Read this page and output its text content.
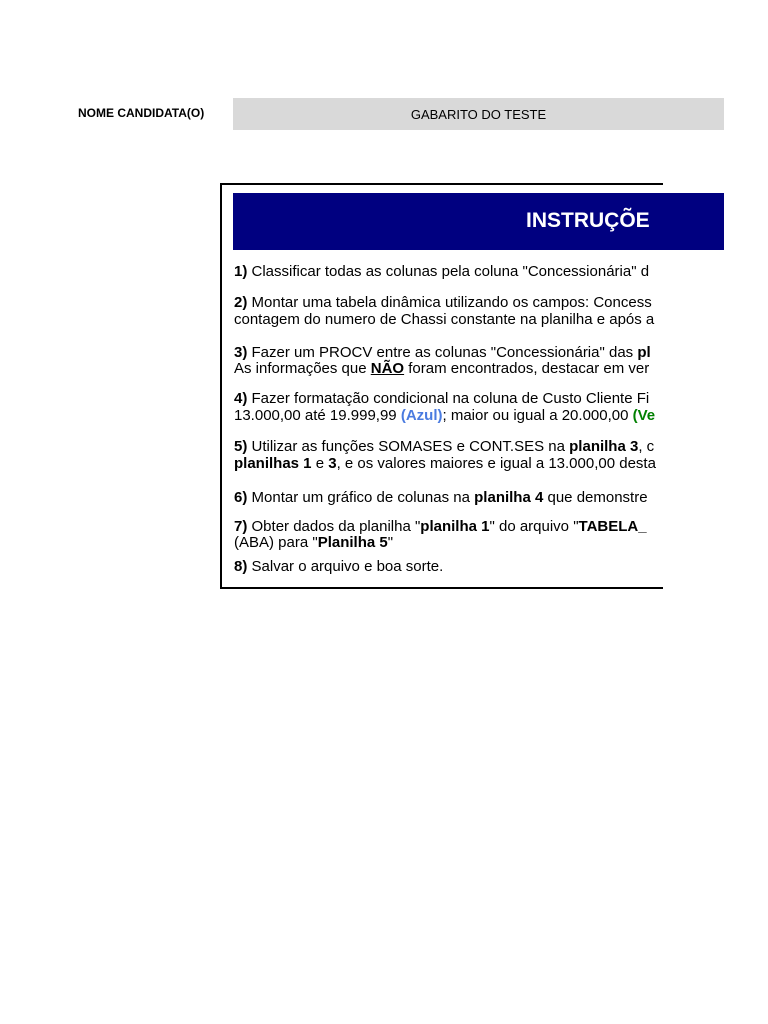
NOME CANDIDATA(O)	GABARITO DO TESTE
INSTRUÇÕE
1) Classificar todas as colunas pela coluna "Concessionária" d
2) Montar uma tabela dinâmica utilizando os campos: Concess
contagem do numero de Chassi constante na planilha e após a
3) Fazer um PROCV entre as colunas "Concessionária" das pl
As informações que NÃO foram encontrados, destacar em ver
4) Fazer formatação condicional na coluna de Custo Cliente Fi
13.000,00 até 19.999,99 (Azul); maior ou igual a 20.000,00 (Ve
5) Utilizar as funções SOMASES e CONT.SES na planilha 3, c
planilhas 1 e 3, e os valores maiores e igual a 13.000,00 desta
6) Montar um gráfico de colunas na planilha 4 que demonstre
7) Obter dados da planilha "planilha 1" do arquivo "TABELA_
(ABA) para "Planilha 5"
8) Salvar o arquivo e boa sorte.
